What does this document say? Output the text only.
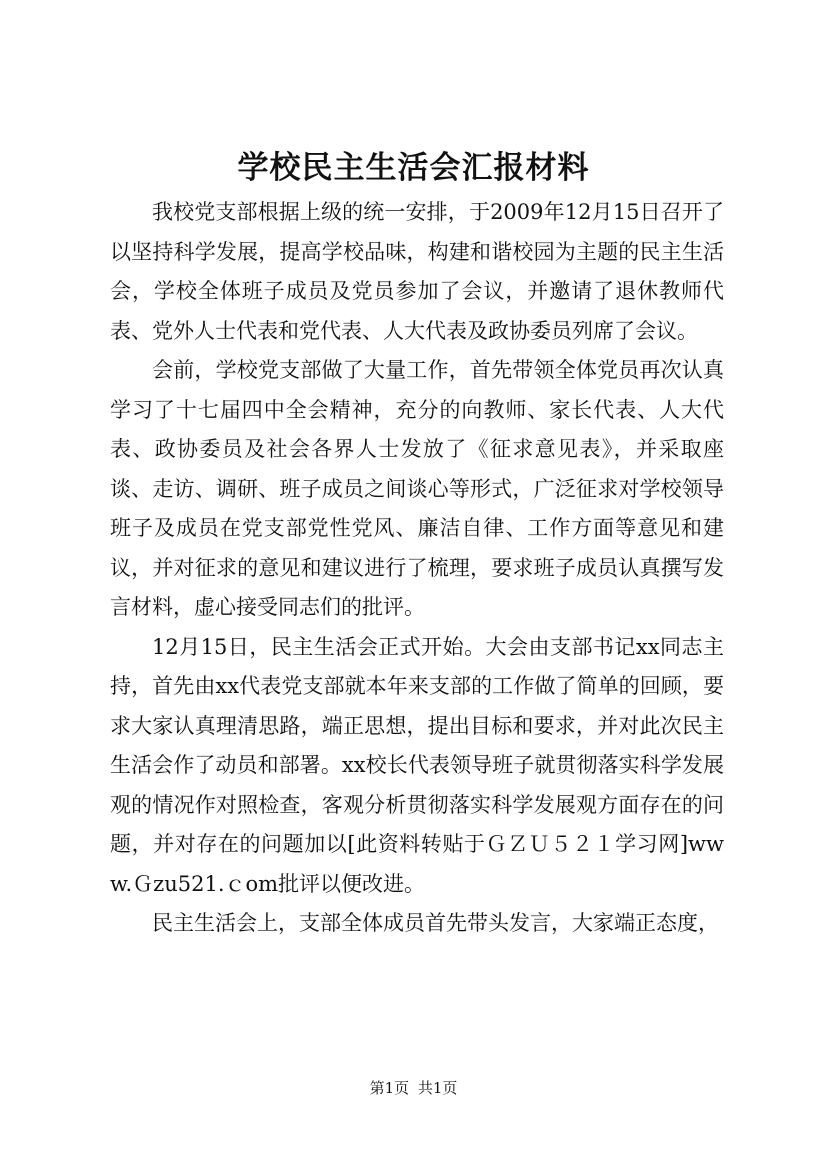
学校民主生活会汇报材料

我校党支部根据上级的统一安排，于2009年12月15日召开了以坚持科学发展，提高学校品味，构建和谐校园为主题的民主生活会，学校全体班子成员及党员参加了会议，并邀请了退休教师代表、党外人士代表和党代表、人大代表及政协委员列席了会议。

会前，学校党支部做了大量工作，首先带领全体党员再次认真学习了十七届四中全会精神，充分的向教师、家长代表、人大代表、政协委员及社会各界人士发放了《征求意见表》，并采取座谈、走访、调研、班子成员之间谈心等形式，广泛征求对学校领导班子及成员在党支部党性党风、廉洁自律、工作方面等意见和建议，并对征求的意见和建议进行了梳理，要求班子成员认真撰写发言材料，虚心接受同志们的批评。

12月15日，民主生活会正式开始。大会由支部书记xx同志主持，首先由xx代表党支部就本年来支部的工作做了简单的回顾，要求大家认真理清思路，端正思想，提出目标和要求，并对此次民主生活会作了动员和部署。xx校长代表领导班子就贯彻落实科学发展观的情况作对照检查，客观分析贯彻落实科学发展观方面存在的问题，并对存在的问题加以[此资料转贴于ＧＺＵ５２１学习网]www.Ｇzu521.ｃom批评以便改进。

民主生活会上，支部全体成员首先带头发言，大家端正态度，

第1页 共1页
